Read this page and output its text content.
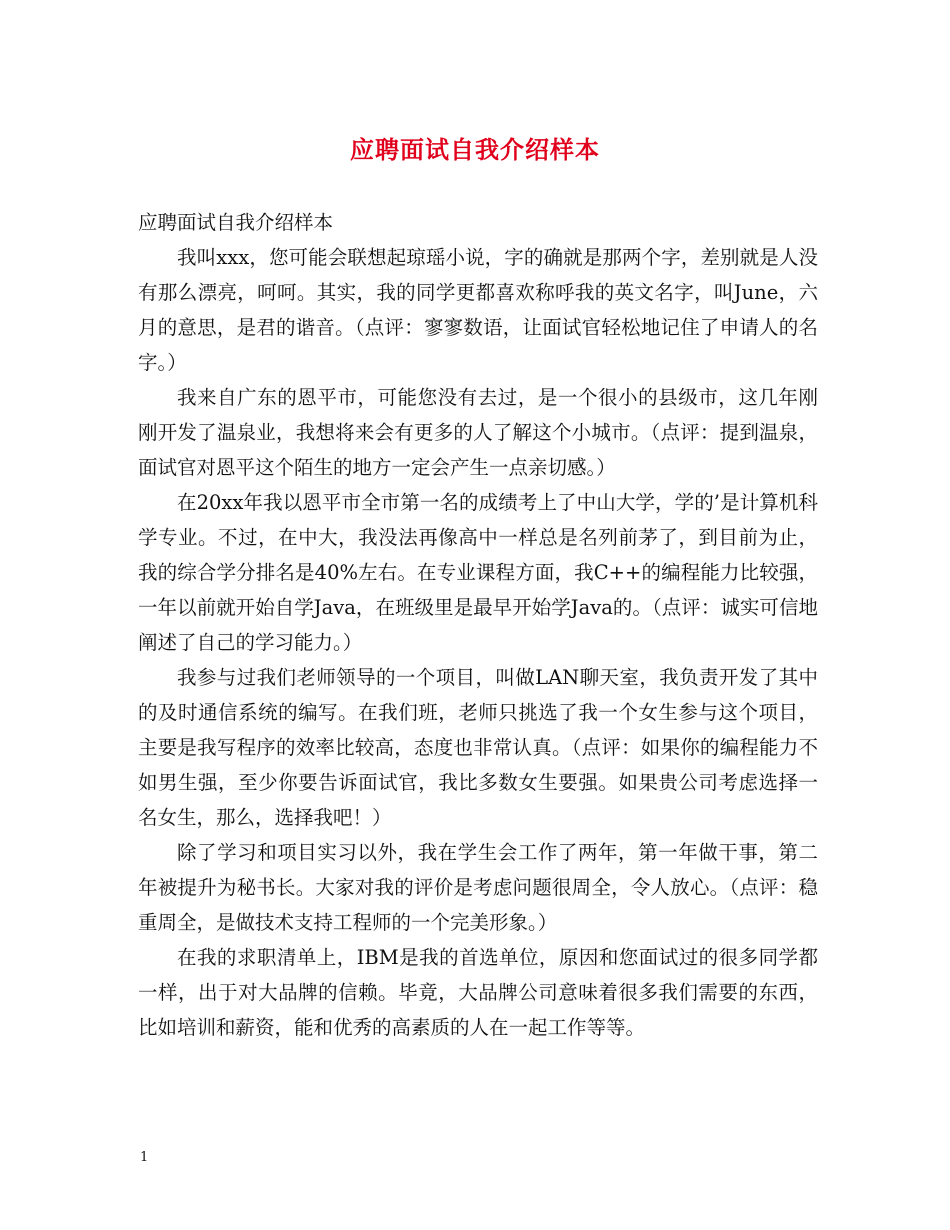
应聘面试自我介绍样本

应聘面试自我介绍样本

我叫xxx，您可能会联想起琼瑶小说，字的确就是那两个字，差别就是人没有那么漂亮，呵呵。其实，我的同学更都喜欢称呼我的英文名字，叫June，六月的意思，是君的谐音。（点评：寥寥数语，让面试官轻松地记住了申请人的名字。）

我来自广东的恩平市，可能您没有去过，是一个很小的县级市，这几年刚刚开发了温泉业，我想将来会有更多的人了解这个小城市。（点评：提到温泉，面试官对恩平这个陌生的地方一定会产生一点亲切感。）

在20xx年我以恩平市全市第一名的成绩考上了中山大学，学的’是计算机科学专业。不过，在中大，我没法再像高中一样总是名列前茅了，到目前为止，我的综合学分排名是40%左右。在专业课程方面，我C++的编程能力比较强，一年以前就开始自学Java，在班级里是最早开始学Java的。（点评：诚实可信地阐述了自己的学习能力。）

我参与过我们老师领导的一个项目，叫做LAN聊天室，我负责开发了其中的及时通信系统的编写。在我们班，老师只挑选了我一个女生参与这个项目，主要是我写程序的效率比较高，态度也非常认真。（点评：如果你的编程能力不如男生强，至少你要告诉面试官，我比多数女生要强。如果贵公司考虑选择一名女生，那么，选择我吧！）

除了学习和项目实习以外，我在学生会工作了两年，第一年做干事，第二年被提升为秘书长。大家对我的评价是考虑问题很周全，令人放心。（点评：稳重周全，是做技术支持工程师的一个完美形象。）

在我的求职清单上，IBM是我的首选单位，原因和您面试过的很多同学都一样，出于对大品牌的信赖。毕竟，大品牌公司意味着很多我们需要的东西，比如培训和薪资，能和优秀的高素质的人在一起工作等等。

1
